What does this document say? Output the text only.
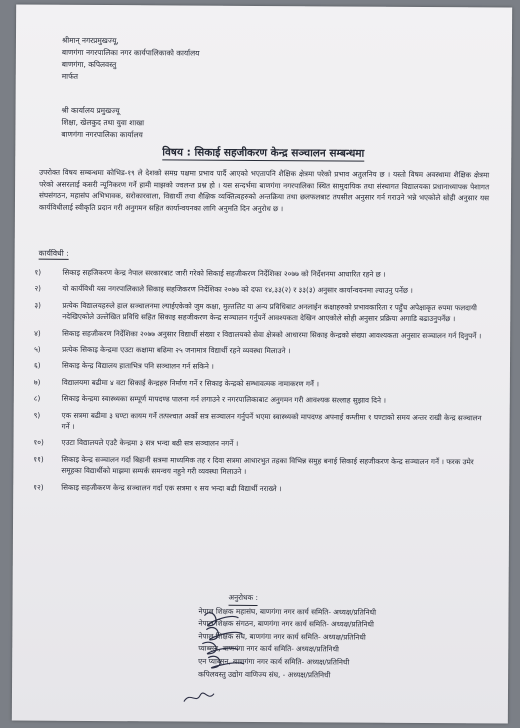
श्रीमान् नगरप्रमुखज्यू,
बाणगंगा नगरपालिका नगर कार्यपालिकाको कार्यालय
बाणगंगा, कपिलवस्तु
मार्फत
श्री कार्यालय प्रमुखज्यू
शिक्षा, खेलकुद तथा युवा शाखा
बाणगंगा नगरपालिका कार्यालय
विषय : सिकाई सहजीकरण केन्द्र सञ्चालन सम्बन्धमा
उपरोक्त विषय सम्बन्धमा कोभिड-१९ ले देशको समग्र पक्षमा प्रभाव पार्दै आएको भएतापनि शैक्षिक क्षेत्रमा परेको प्रभाव अतुलनिय छ । यस्तो विषम अवस्थामा शैक्षिक क्षेत्रमा परेको असरलाई कसरी न्यूनिकरण गर्ने हामी माझको ज्वलन्त प्रश्न हो । यस सन्दर्भमा बाणगंगा नगरपालिका स्थित सामुदायिक तथा संस्थागत विद्यालयका प्रधानाध्यापक पेशागत संघसंगठन, महासंघ अभिभावक, सरोकारवाला, विद्यार्थी तथा शैक्षिक व्यक्तित्वहरुको अन्तक्रिया तथा छलफलबाट तपसील अनुसार गर्न गराउने भन्ने भएकोले सोही अनुसार यस कार्यविधीलाई स्वीकृति प्रदान गरी अनुगमन सहित कार्यान्वयनका लागि अनुमति दिन अनुरोध छ ।
कार्यविधी :
१)	सिकाइ सहजिकरण केन्द्र नेपाल सरकारबाट जारी गरेको सिकाई सहजीकरण निर्देशिका २०७७ को निर्देशनमा आधारित रहने छ ।
२)	यो कार्यविधी यस नगरपालिकाले सिकाइ सहजिकरण निर्देशिका २०७७ को दफा १४,३३(२) र ३३(३) अनुसार कार्यान्वयनमा ल्याउनु पर्नेछ ।
३)	प्रत्येक विद्यालयहरुले हाल सञ्चालनमा ल्याईएकेको जुम कक्षा, मुल्तलिट या अन्य प्रविधिबाट अनलाईन कक्षाहरुको प्रभावकारिता र पहुँच अपेक्षाकृत रुपमा फलदायी नदेखिएकोले उल्लेखित प्रविधि सहित सिकाइ सहजीकरण केन्द्र सञ्चालन गर्नुपर्ने आवश्यकता देखिन आएकोले सोही अनुसार प्रक्रिया अगाडि बढाउनुपर्नेछ ।
४)	सिकाइ सहजीकरण निर्देशिका २०७७ अनुसार विद्यार्थी संख्या र विद्यालयको सेवा क्षेत्रको आधारमा सिकाइ केन्द्रको संख्या आवश्यकता अनुसार सञ्चालन गर्न दिनुपर्ने ।
५)	प्रत्येक सिकाइ केन्द्रमा एउटा कक्षामा बढिमा २५ जनामात्र विद्यार्थी रहने व्यवस्था मिलाउने ।
६)	सिकाइ केन्द्र विद्यालय हाताभित्र पनि सञ्चालन गर्न सकिने ।
७)	विद्यालयमा बढीमा ४ वटा सिकाई केन्द्रहरु निर्माण गर्ने र सिकाइ केन्द्रको सम्भावत्मक नामाकरण गर्ने ।
८)	सिकाइ केन्द्रमा स्वास्थ्यका सम्पूर्ण मापदण्ड पालना गर्न लगाउने र नगरपालिकाबाट अनुगमन गरी आवश्यक सल्लाह सुझाव दिने ।
९)	एक सत्रमा बढीमा ३ घण्टा कायम गर्ने तत्पश्चात अर्को सत्र सञ्चालन गर्नुपर्ने भएमा स्वास्थ्यको मापदण्ड अपनाई कम्तीमा १ घण्टाको समय अन्तर राखी केन्द्र सञ्चालन गर्ने ।
१०)	एउटा विद्यालयले एउटै केन्द्रमा ३ सत्र भन्दा बढी सत्र सञ्चालन नगर्ने ।
११)	सिकाइ केन्द्र सञ्चालन गर्दा बिहानी सत्रमा माध्यमिक तह र दिवा सत्रमा आधारभुत तहका विभिन्न समुह बनाई सिकाई सहजीकरण केन्द्र सञ्चालन गर्ने । फरक उमेर समूहका विद्यार्थीको माझमा सम्पर्क समन्वय नहुने गरी व्यवस्था मिलाउने ।
१२)	सिकाइ सहजीकरण केन्द्र सञ्चालन गर्दा एक सत्रमा १ सय भन्दा बढी विद्यार्थी नराख्ने ।
अनुरोधक :
नेपाल शिक्षक महासंघ, बाणगंगा नगर कार्य समिति- अध्यक्ष/प्रतिनिधी
नेपाल शिक्षक संगठन, बाणगंगा नगर कार्य समिति- अध्यक्ष/प्रतिनिधी
नेपाल शिक्षक संघ, बाणगंगा नगर कार्य समिति- अध्यक्ष/प्रतिनिधी
प्याब्सन, बाणगंगा नगर कार्य समिति- अध्यक्ष/प्रतिनिधी
एन प्याब्सन, बाणगंगा नगर कार्य समिति- अध्यक्ष/प्रतिनिधी
कपिलवस्तु उद्योग वाणिज्य संघ, - अध्यक्ष/प्रतिनिधी
